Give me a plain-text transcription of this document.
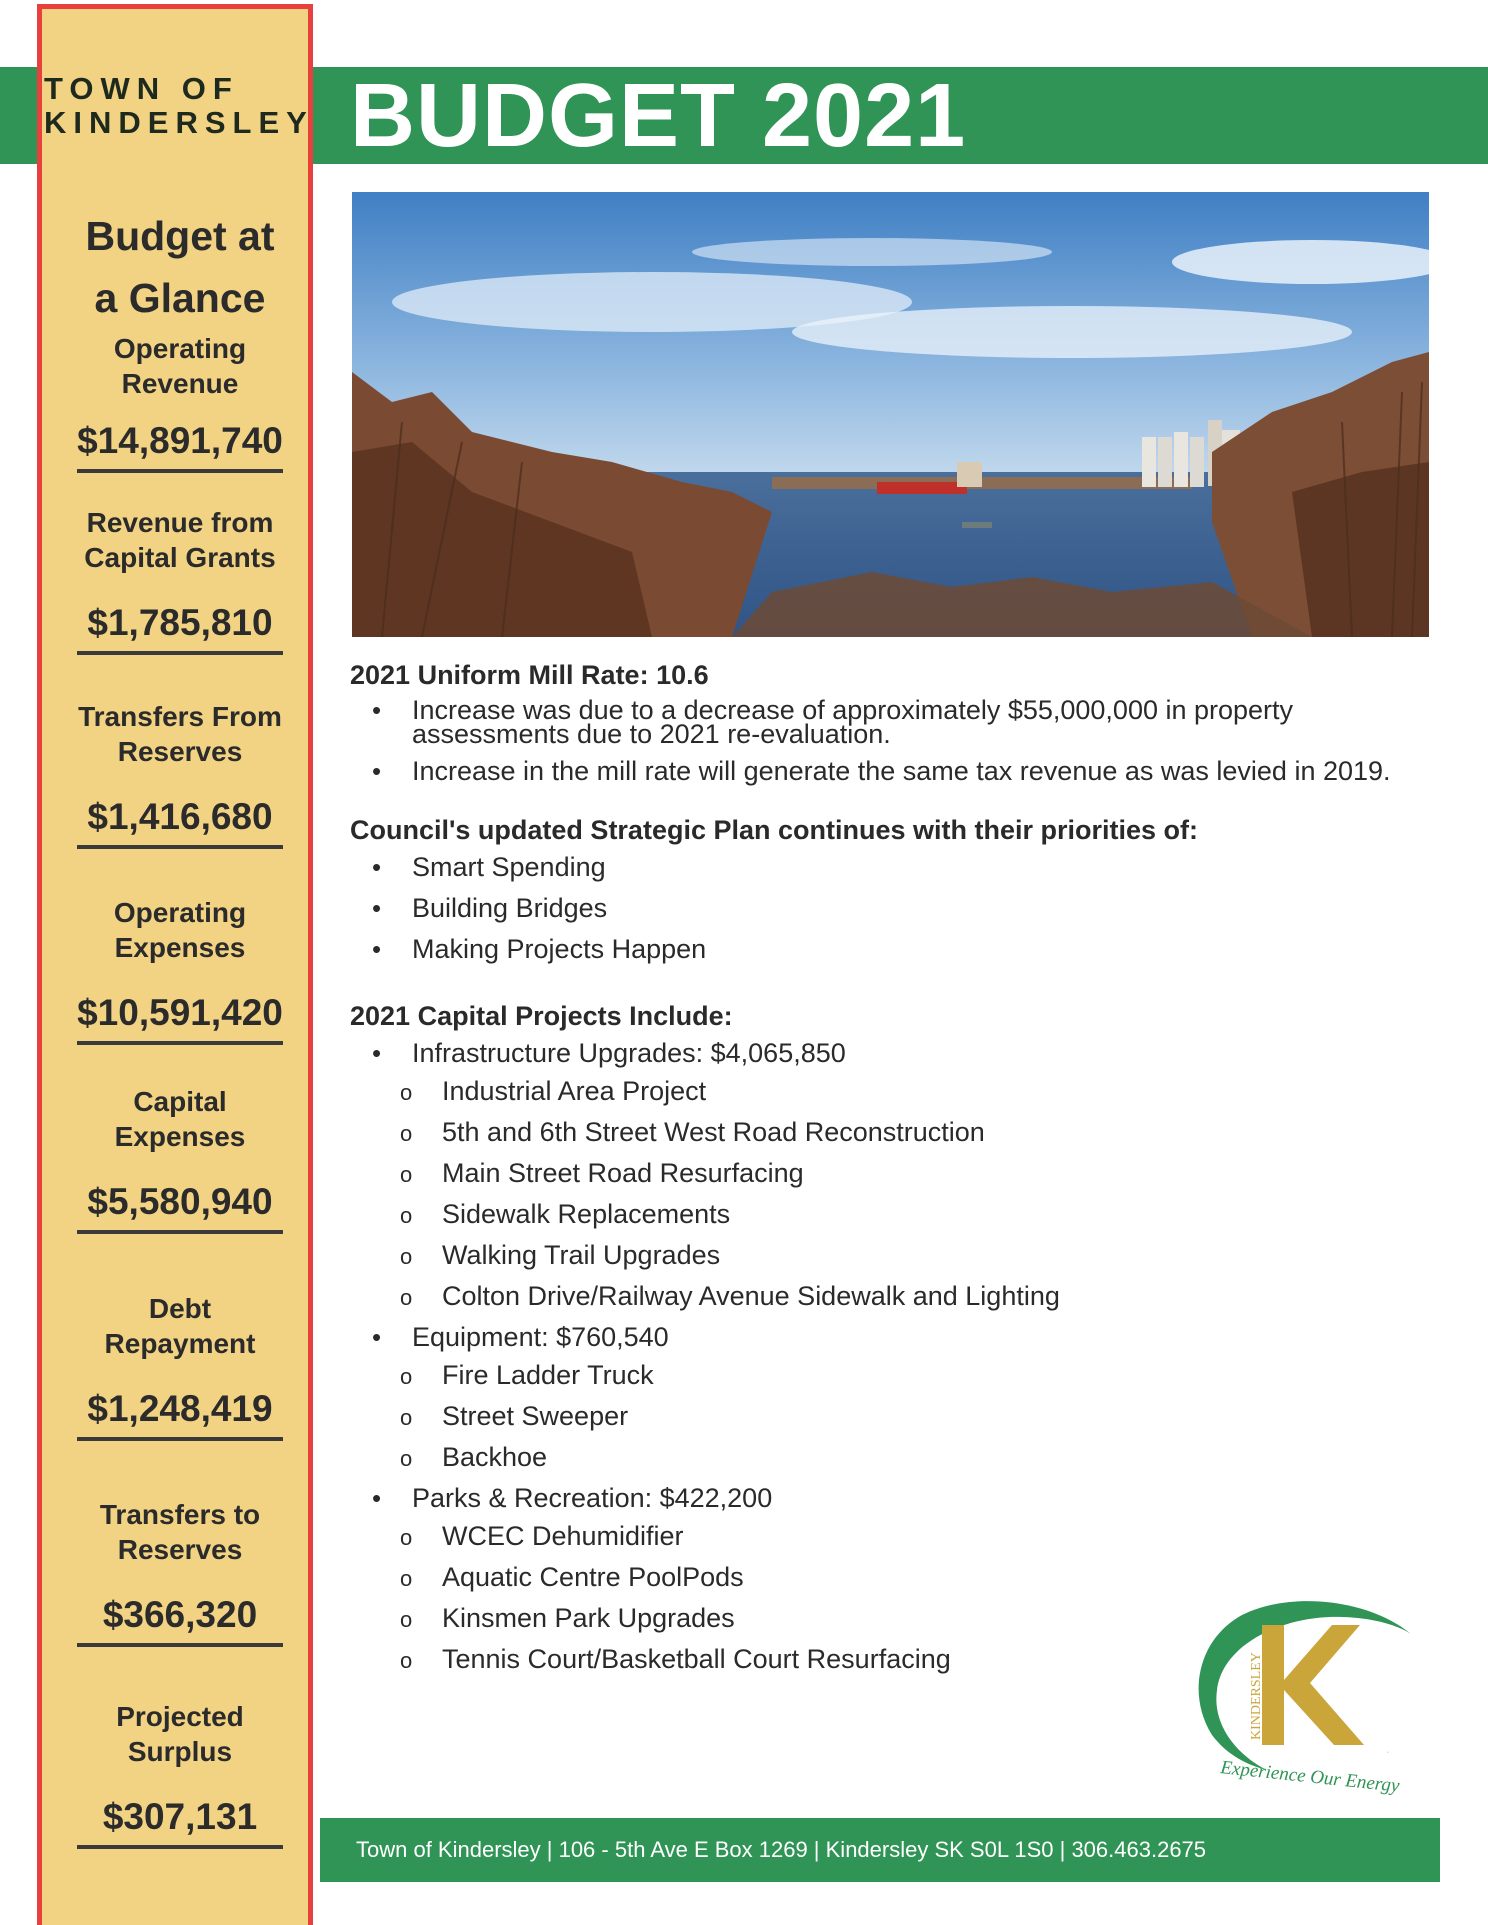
TOWN OF
KINDERSLEY BUDGET 2021
Budget at
a Glance
Operating
Revenue
$14,891,740
Revenue from
Capital Grants
$1,785,810
Transfers From
Reserves
$1,416,680
Operating
Expenses
$10,591,420
Capital
Expenses
$5,580,940
Debt
Repayment
$1,248,419
Transfers to
Reserves
$366,320
Projected
Surplus
$307,131

2021 Uniform Mill Rate: 10.6

• Increase was due to a decrease of approximately $55,000,000 in property assessments due to 2021 re-evaluation.
• Increase in the mill rate will generate the same tax revenue as was levied in 2019.

Council's updated Strategic Plan continues with their priorities of:

• Smart Spending
• Building Bridges
• Making Projects Happen

2021 Capital Projects Include:

• Infrastructure Upgrades: $4,065,850
o Industrial Area Project
o 5th and 6th Street West Road Reconstruction
o Main Street Road Resurfacing
o Sidewalk Replacements
o Walking Trail Upgrades
o Colton Drive/Railway Avenue Sidewalk and Lighting
• Equipment: $760,540
o Fire Ladder Truck
o Street Sweeper
o Backhoe
• Parks & Recreation: $422,200
o WCEC Dehumidifier
o Aquatic Centre PoolPods
o Kinsmen Park Upgrades
o Tennis Court/Basketball Court Resurfacing	KINDERSLEY
K
Experience Our Energy
Town of Kindersley | 106 - 5th Ave E Box 1269 | Kindersley SK S0L 1S0 | 306.463.2675
